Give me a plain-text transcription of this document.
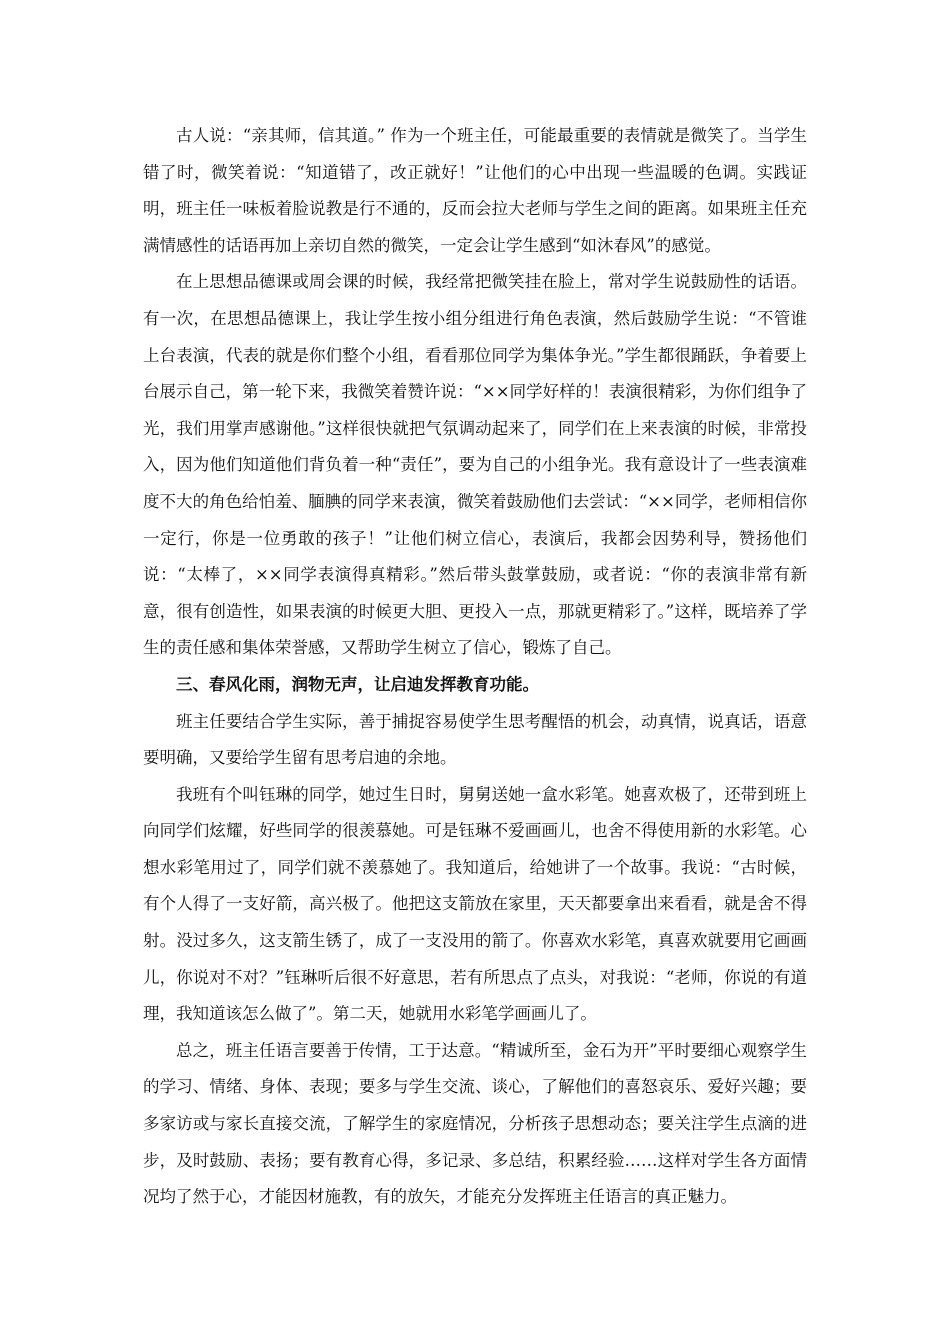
古人说：“亲其师，信其道。” 作为一个班主任，可能最重要的表情就是微笑了。当学生错了时，微笑着说：“知道错了，改正就好！”让他们的心中出现一些温暖的色调。实践证明，班主任一味板着脸说教是行不通的，反而会拉大老师与学生之间的距离。如果班主任充满情感性的话语再加上亲切自然的微笑，一定会让学生感到“如沐春风”的感觉。

在上思想品德课或周会课的时候，我经常把微笑挂在脸上，常对学生说鼓励性的话语。有一次，在思想品德课上，我让学生按小组分组进行角色表演，然后鼓励学生说：“不管谁上台表演，代表的就是你们整个小组，看看那位同学为集体争光。”学生都很踊跃，争着要上台展示自己，第一轮下来，我微笑着赞许说：“××同学好样的！表演很精彩，为你们组争了光，我们用掌声感谢他。”这样很快就把气氛调动起来了，同学们在上来表演的时候，非常投入，因为他们知道他们背负着一种“责任”，要为自己的小组争光。我有意设计了一些表演难度不大的角色给怕羞、腼腆的同学来表演，微笑着鼓励他们去尝试：“××同学，老师相信你一定行，你是一位勇敢的孩子！”让他们树立信心，表演后，我都会因势利导，赞扬他们说：“太棒了，××同学表演得真精彩。”然后带头鼓掌鼓励，或者说：“你的表演非常有新意，很有创造性，如果表演的时候更大胆、更投入一点，那就更精彩了。”这样，既培养了学生的责任感和集体荣誉感，又帮助学生树立了信心，锻炼了自己。

三、春风化雨，润物无声，让启迪发挥教育功能。

班主任要结合学生实际，善于捕捉容易使学生思考醒悟的机会，动真情，说真话，语意要明确，又要给学生留有思考启迪的余地。

我班有个叫钰琳的同学，她过生日时，舅舅送她一盒水彩笔。她喜欢极了，还带到班上向同学们炫耀，好些同学的很羡慕她。可是钰琳不爱画画儿，也舍不得使用新的水彩笔。心想水彩笔用过了，同学们就不羡慕她了。我知道后，给她讲了一个故事。我说：“古时候，有个人得了一支好箭，高兴极了。他把这支箭放在家里，天天都要拿出来看看，就是舍不得射。没过多久，这支箭生锈了，成了一支没用的箭了。你喜欢水彩笔，真喜欢就要用它画画儿，你说对不对？”钰琳听后很不好意思，若有所思点了点头，对我说：“老师，你说的有道理，我知道该怎么做了”。第二天，她就用水彩笔学画画儿了。

总之，班主任语言要善于传情，工于达意。“精诚所至，金石为开”平时要细心观察学生的学习、情绪、身体、表现；要多与学生交流、谈心，了解他们的喜怒哀乐、爱好兴趣；要多家访或与家长直接交流，了解学生的家庭情况，分析孩子思想动态；要关注学生点滴的进步，及时鼓励、表扬；要有教育心得，多记录、多总结，积累经验……这样对学生各方面情况均了然于心，才能因材施教，有的放矢，才能充分发挥班主任语言的真正魅力。
